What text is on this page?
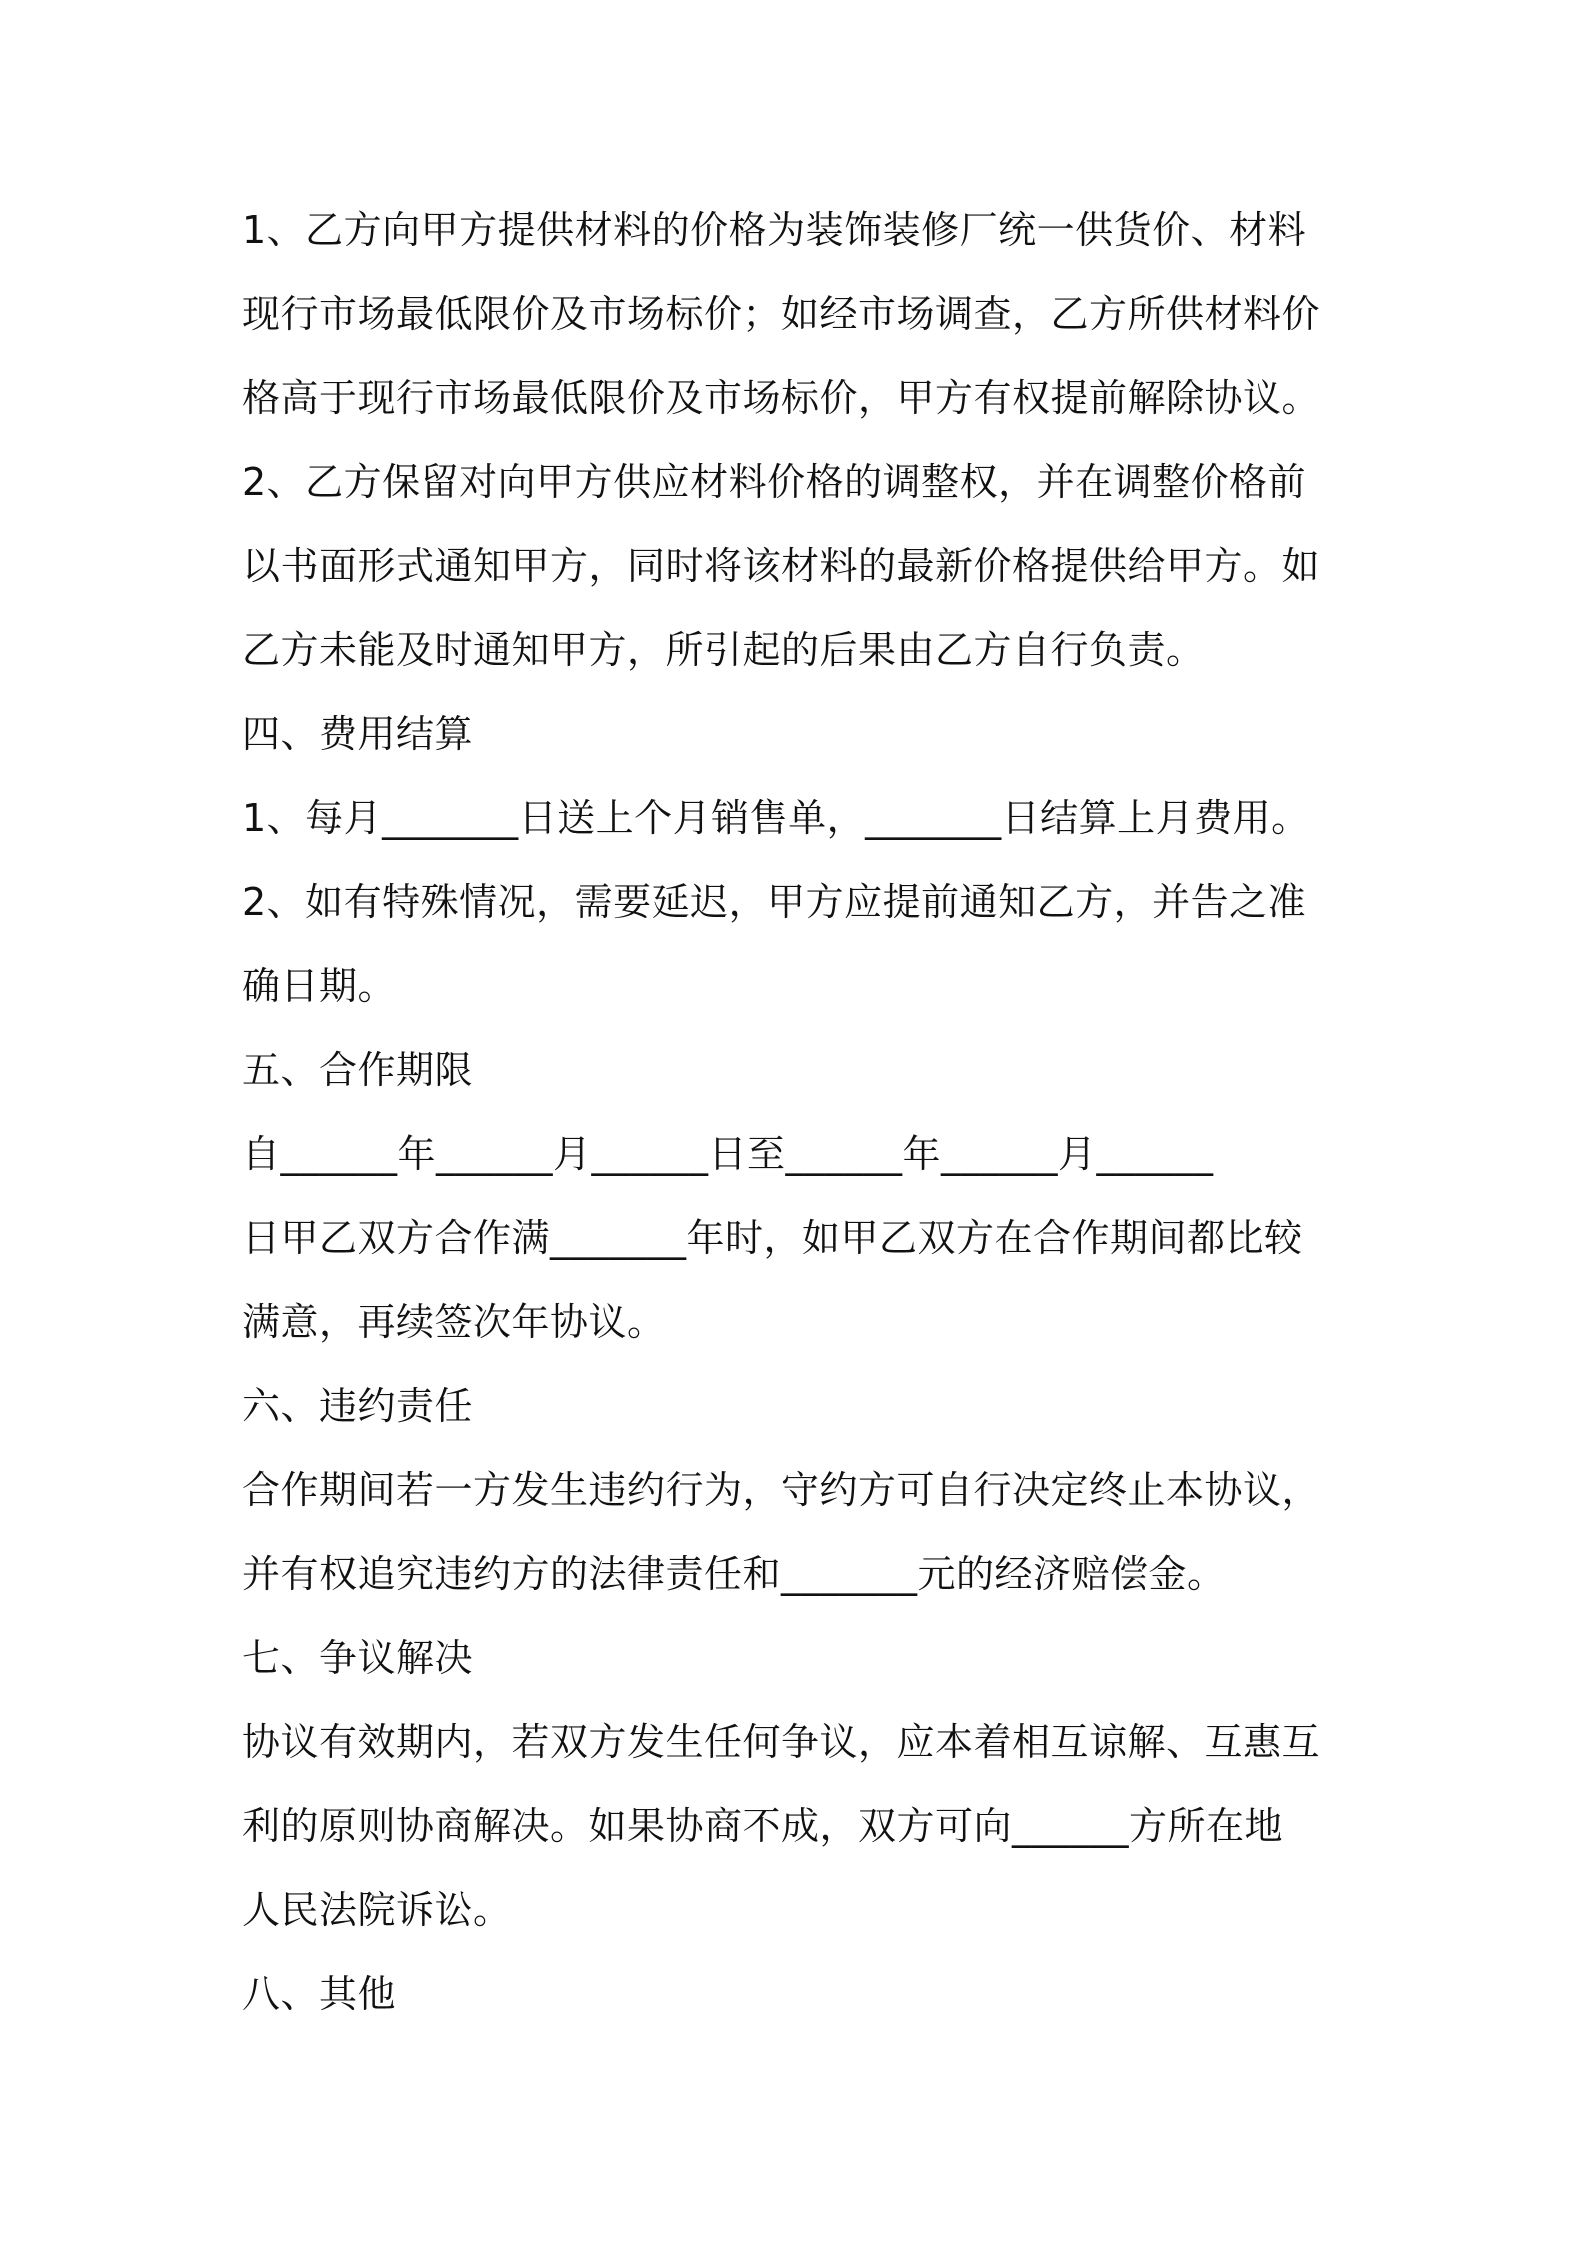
1、乙方向甲方提供材料的价格为装饰装修厂统一供货价、材料
现行市场最低限价及市场标价；如经市场调查，乙方所供材料价
格高于现行市场最低限价及市场标价，甲方有权提前解除协议。
2、乙方保留对向甲方供应材料价格的调整权，并在调整价格前
以书面形式通知甲方，同时将该材料的最新价格提供给甲方。如
乙方未能及时通知甲方，所引起的后果由乙方自行负责。
四、费用结算
1、每月_______日送上个月销售单，_______日结算上月费用。
2、如有特殊情况，需要延迟，甲方应提前通知乙方，并告之准
确日期。
五、合作期限
自______年______月______日至______年______月______
日甲乙双方合作满_______年时，如甲乙双方在合作期间都比较
满意，再续签次年协议。
六、违约责任
合作期间若一方发生违约行为，守约方可自行决定终止本协议，
并有权追究违约方的法律责任和_______元的经济赔偿金。
七、争议解决
协议有效期内，若双方发生任何争议，应本着相互谅解、互惠互
利的原则协商解决。如果协商不成，双方可向______方所在地
人民法院诉讼。
八、其他
